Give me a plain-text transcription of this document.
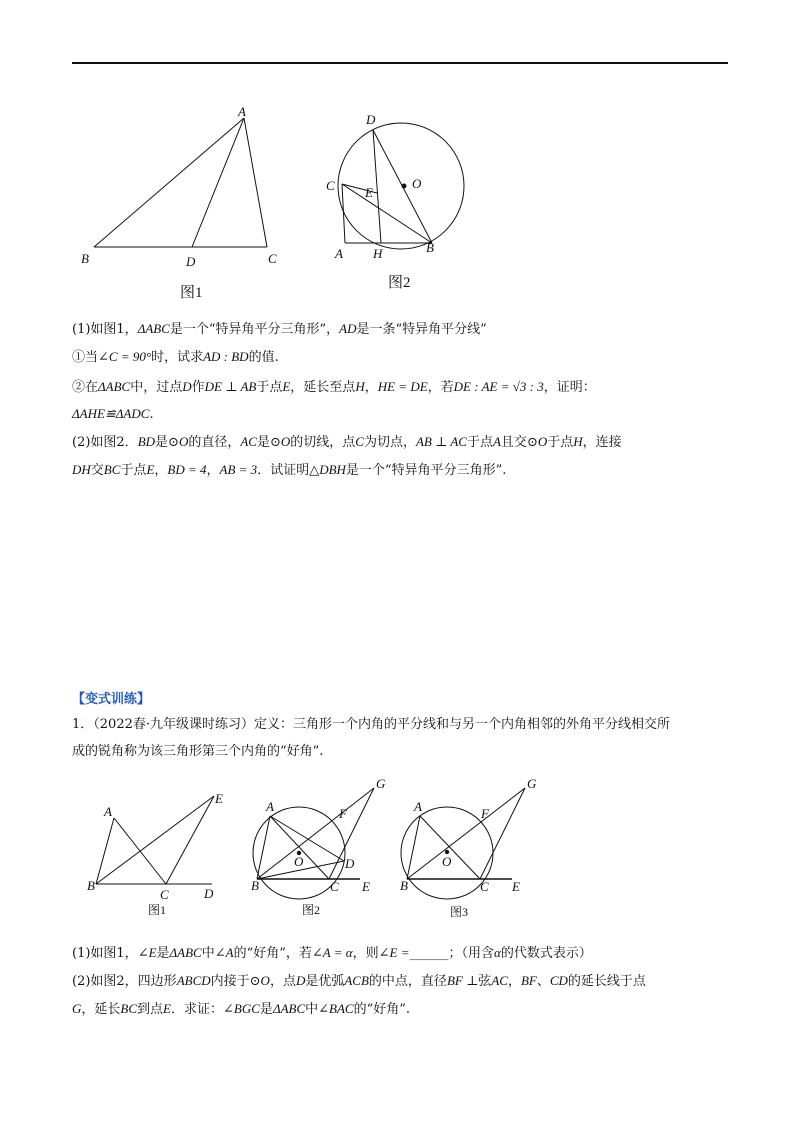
A
B	D	C
图1
D
O
C E
A H	B
图2
(1)如图1，ΔABC是一个“特异角平分三角形”，AD是一条“特异角平分线”
①当∠C = 90°时，试求AD : BD的值.
②在ΔABC中，过点D作DE ⊥ AB于点E，延长至点H，HE = DE，若DE : AE = √3 : 3，证明：
ΔAHE≌ΔADC.
(2)如图2．BD是⊙O的直径，AC是⊙O的切线，点C为切点，AB ⊥ AC于点A且交⊙O于点H，连接
DH交BC于点E，BD = 4，AB = 3．试证明△DBH是一个“特异角平分三角形”.
【变式训练】
1．（2022春·九年级课时练习）定义：三角形一个内角的平分线和与另一个内角相邻的外角平分线相交所
成的锐角称为该三角形第三个内角的“好角”.
A
E
B
C	D
图1
G
A	F
O	D
B	C E
图2
G
A	F
O
B	C E
图3
(1)如图1，∠E是ΔABC中∠A的“好角”，若∠A = α，则∠E =______；（用含α的代数式表示）
(2)如图2，四边形ABCD内接于⊙O，点D是优弧ACB的中点，直径BF ⊥弦AC，BF、CD的延长线于点
G，延长BC到点E．求证：∠BGC是ΔABC中∠BAC的“好角”.
